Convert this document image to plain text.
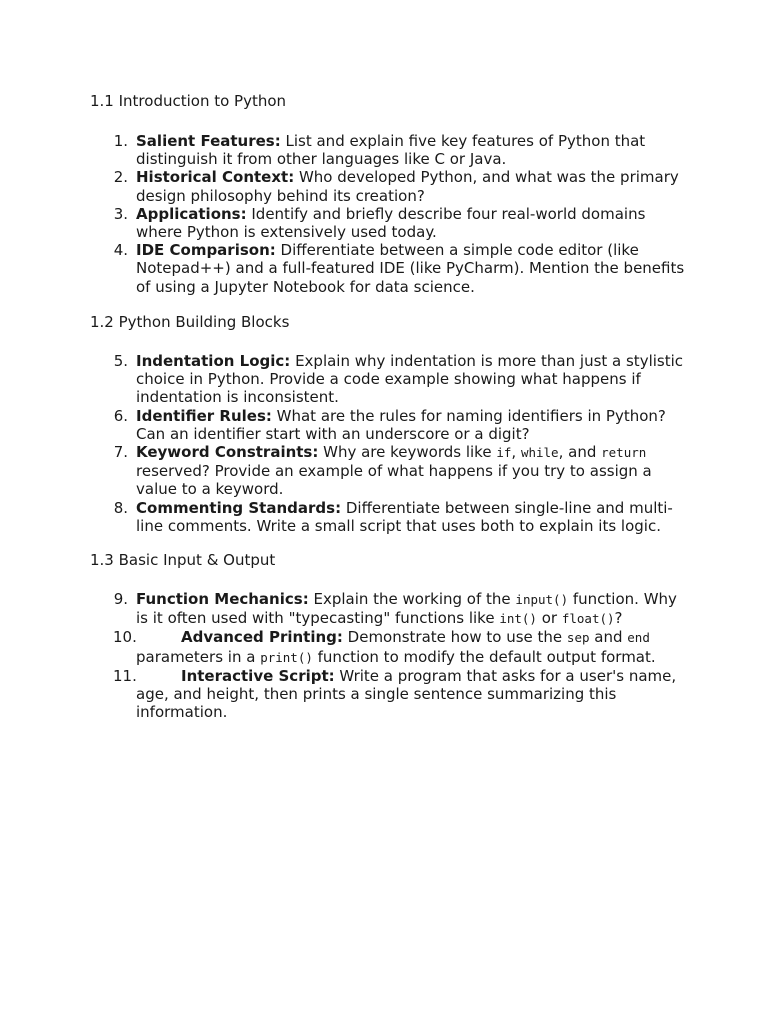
1.1 Introduction to Python
1. Salient Features: List and explain five key features of Python that distinguish it from other languages like C or Java.
2. Historical Context: Who developed Python, and what was the primary design philosophy behind its creation?
3. Applications: Identify and briefly describe four real-world domains where Python is extensively used today.
4. IDE Comparison: Differentiate between a simple code editor (like Notepad++) and a full-featured IDE (like PyCharm). Mention the benefits of using a Jupyter Notebook for data science.
1.2 Python Building Blocks
5. Indentation Logic: Explain why indentation is more than just a stylistic choice in Python. Provide a code example showing what happens if indentation is inconsistent.
6. Identifier Rules: What are the rules for naming identifiers in Python? Can an identifier start with an underscore or a digit?
7. Keyword Constraints: Why are keywords like if, while, and return reserved? Provide an example of what happens if you try to assign a value to a keyword.
8. Commenting Standards: Differentiate between single-line and multi-line comments. Write a small script that uses both to explain its logic.
1.3 Basic Input & Output
9. Function Mechanics: Explain the working of the input() function. Why is it often used with "typecasting" functions like int() or float()?
10.	Advanced Printing: Demonstrate how to use the sep and end parameters in a print() function to modify the default output format.
11.	Interactive Script: Write a program that asks for a user's name, age, and height, then prints a single sentence summarizing this information.
